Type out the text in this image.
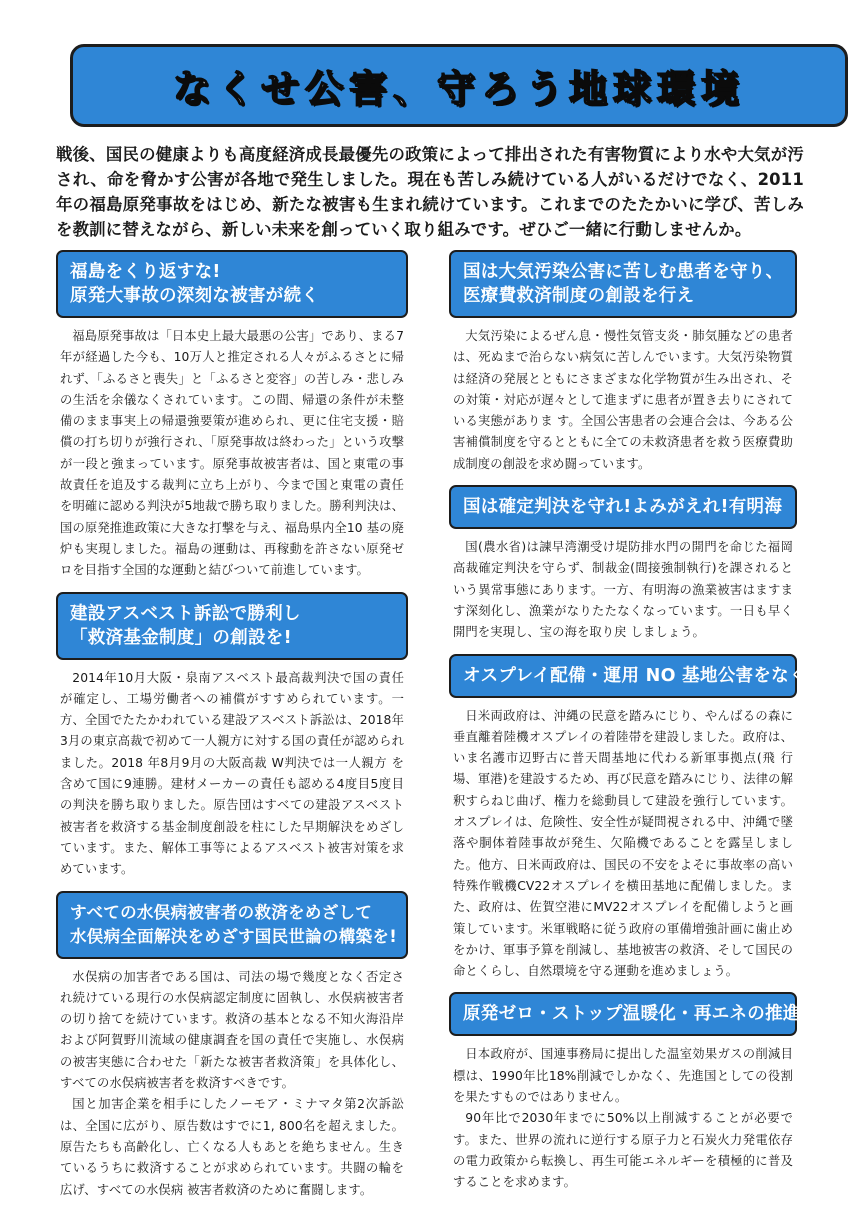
なくせ公害、守ろう地球環境

戦後、国民の健康よりも高度経済成長最優先の政策によって排出された有害物質により水や大気が汚され、命を脅かす公害が各地で発生しました。現在も苦しみ続けている人がいるだけでなく、2011 年の福島原発事故をはじめ、新たな被害も生まれ続けています。これまでのたたかいに学び、苦しみを教訓に替えながら、新しい未来を創っていく取り組みです。ぜひご一緒に行動しませんか。

福島をくり返すな!
原発大事故の深刻な被害が続く

福島原発事故は「日本史上最大最悪の公害」であり、まる7年が経過した今も、10万人と推定される人々がふるさとに帰れず、「ふるさと喪失」と「ふるさと変容」の苦しみ・悲しみの生活を余儀なくされています。この間、帰還の条件が未整備のまま事実上の帰還強要策が進められ、更に住宅支援・賠償の打ち切りが強行され、「原発事故は終わった」という攻撃が一段と強まっています。原発事故被害者は、国と東電の事故責任を追及する裁判に立ち上がり、今まで国と東電の責任を明確に認める判決が5地裁で勝ち取りました。勝利判決は、国の原発推進政策に大きな打撃を与え、福島県内全10 基の廃炉も実現しました。福島の運動は、再稼動を許さない原発ゼロを目指す全国的な運動と結びついて前進しています。

建設アスベスト訴訟で勝利し
「救済基金制度」の創設を!

2014年10月大阪・泉南アスベスト最高裁判決で国の責任が確定し、工場労働者への補償がすすめられています。一方、全国でたたかわれている建設アスベスト訴訟は、2018年3月の東京高裁で初めて一人親方に対する国の責任が認められました。2018 年8月9月の大阪高裁 W判決では一人親方 を含めて国に9連勝。建材メーカーの責任も認める4度目5度目の判決を勝ち取りました。原告団はすべての建設アスベスト被害者を救済する基金制度創設を柱にした早期解決をめざしています。また、解体工事等によるアスベスト被害対策を求めています。

すべての水俣病被害者の救済をめざして
水俣病全面解決をめざす国民世論の構築を!

水俣病の加害者である国は、司法の場で幾度となく否定され続けている現行の水俣病認定制度に固執し、水俣病被害者の切り捨てを続けています。救済の基本となる不知火海沿岸および阿賀野川流域の健康調査を国の責任で実施し、水俣病の被害実態に合わせた「新たな被害者救済策」を具体化し、すべての水俣病被害者を救済すべきです。

国と加害企業を相手にしたノーモア・ミナマタ第2次訴訟は、全国に広がり、原告数はすでに1, 800名を超えました。原告たちも高齢化し、亡くなる人もあとを絶ちません。生きているうちに救済することが求められています。共闘の輪を広げ、すべての水俣病 被害者救済のために奮闘します。

国は大気汚染公害に苦しむ患者を守り、
医療費救済制度の創設を行え

大気汚染によるぜん息・慢性気管支炎・肺気腫などの患者は、死ぬまで治らない病気に苦しんでいます。大気汚染物質は経済の発展とともにさまざまな化学物質が生み出され、その対策・対応が遅々として進まずに患者が置き去りにされている実態がありま す。全国公害患者の会連合会は、今ある公害補償制度を守るとともに全ての未救済患者を救う医療費助成制度の創設を求め闘っています。

国は確定判決を守れ!よみがえれ!有明海

国(農水省)は諫早湾潮受け堤防排水門の開門を命じた福岡高裁確定判決を守らず、制裁金(間接強制執行)を課されるという異常事態にあります。一方、有明海の漁業被害はますます深刻化し、漁業がなりたたなくなっています。一日も早く開門を実現し、宝の海を取り戻 しましょう。

オスプレイ配備・運用 NO 基地公害をなくせ

日米両政府は、沖縄の民意を踏みにじり、やんばるの森に垂直離着陸機オスプレイの着陸帯を建設しました。政府は、いま名護市辺野古に普天間基地に代わる新軍事拠点(飛 行場、軍港)を建設するため、再び民意を踏みにじり、法律の解釈すらねじ曲げ、権力を総動員して建設を強行しています。オスプレイは、危険性、安全性が疑問視される中、沖縄で墜落や胴体着陸事故が発生、欠陥機であることを露呈しました。他方、日米両政府は、国民の不安をよそに事故率の高い特殊作戦機CV22オスプレイを横田基地に配備しました。また、政府は、佐賀空港にMV22オスプレイを配備しようと画策しています。米軍戦略に従う政府の軍備増強計画に歯止めをかけ、軍事予算を削減し、基地被害の救済、そして国民の命とくらし、自然環境を守る運動を進めましょう。

原発ゼロ・ストップ温暖化・再エネの推進を

日本政府が、国連事務局に提出した温室効果ガスの削減目標は、1990年比18%削減でしかなく、先進国としての役割を果たすものではありません。

90年比で2030年までに50%以上削減することが必要です。また、世界の流れに逆行する原子力と石炭火力発電依存の電力政策から転換し、再生可能エネルギーを積極的に普及することを求めます。
